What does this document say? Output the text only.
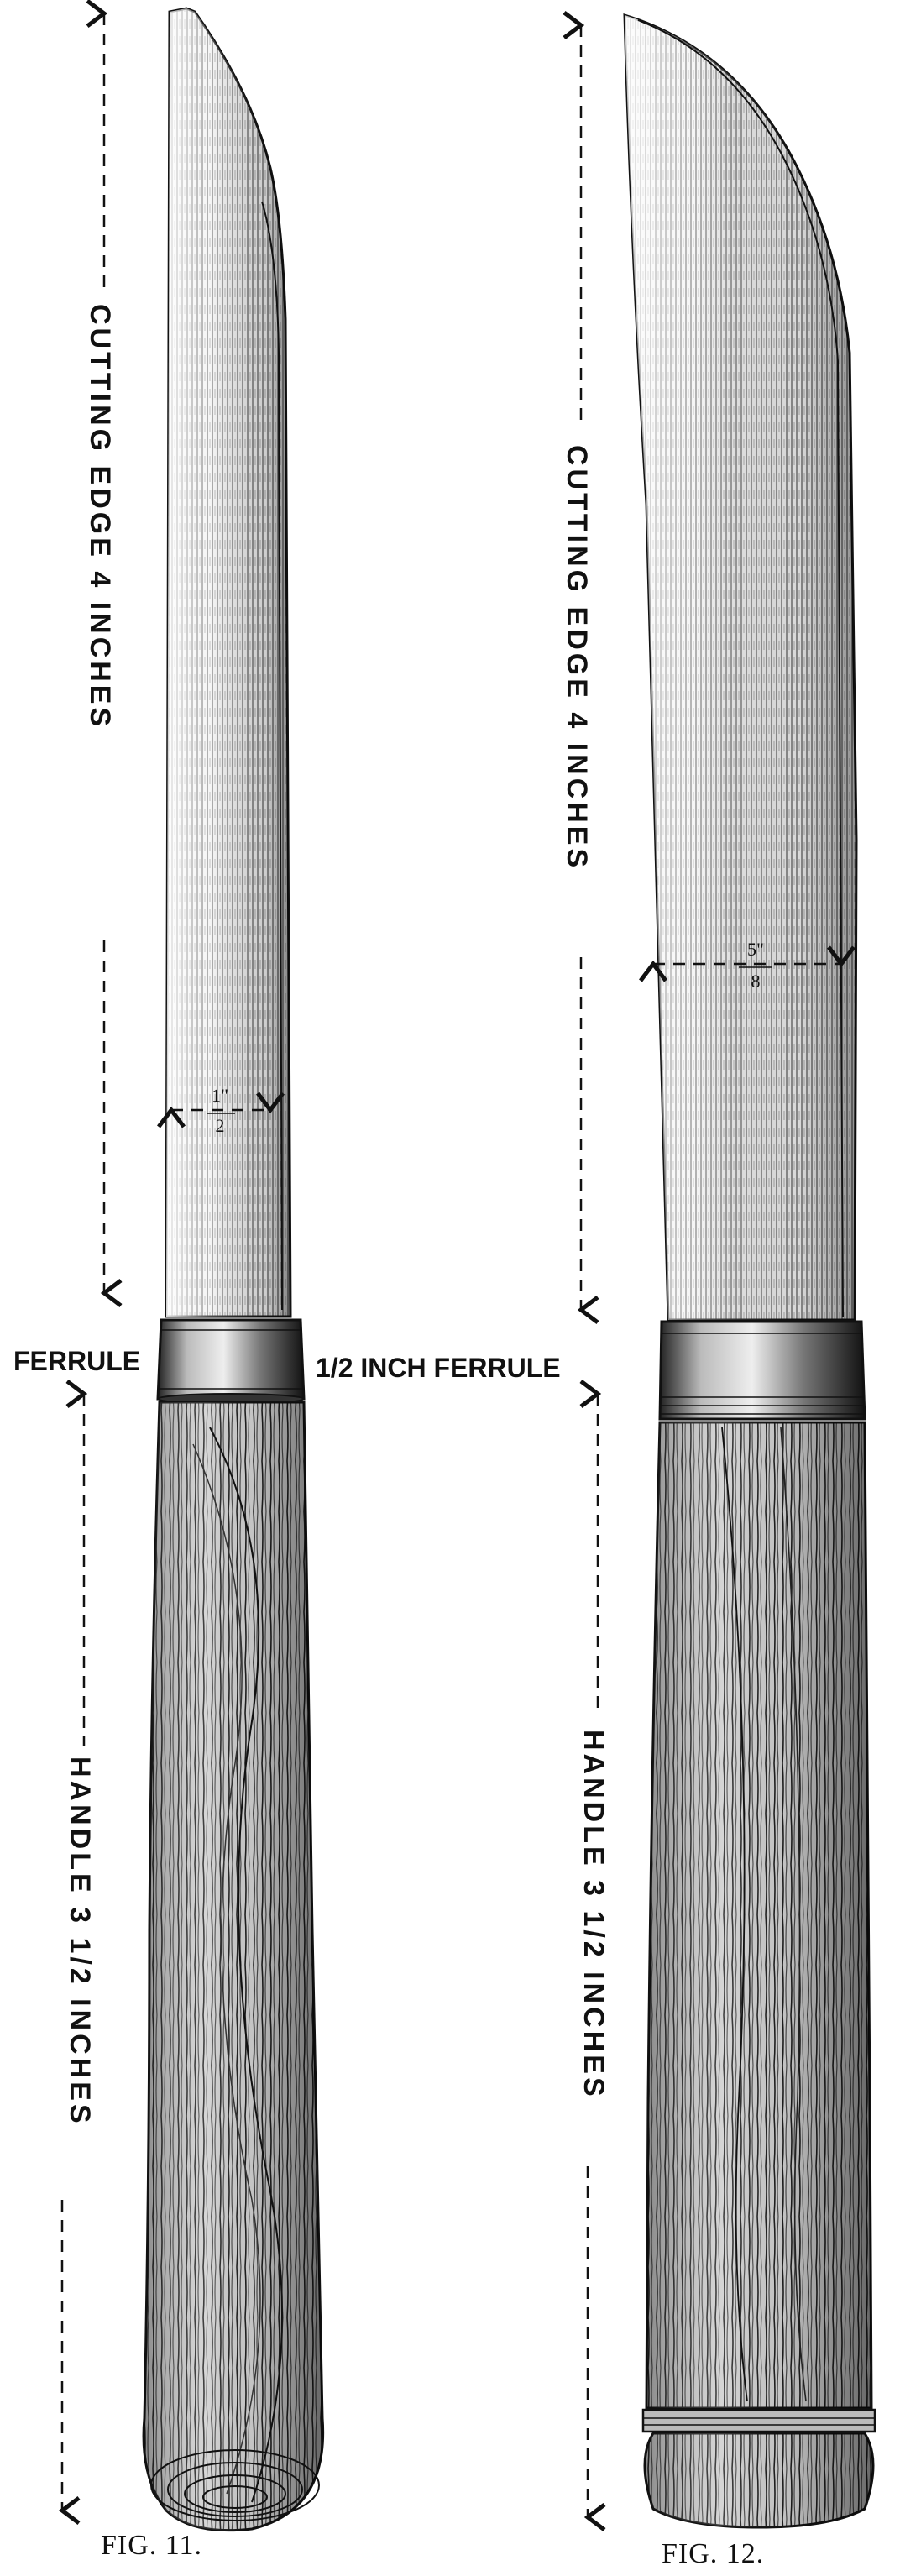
1"
2
CUTTING EDGE 4 INCHES
FERRULE
HANDLE 3 1/2 INCHES
FIG. 11.
5"
8
CUTTING EDGE 4 INCHES
1/2 INCH FERRULE
HANDLE 3 1/2 INCHES
FIG. 12.
